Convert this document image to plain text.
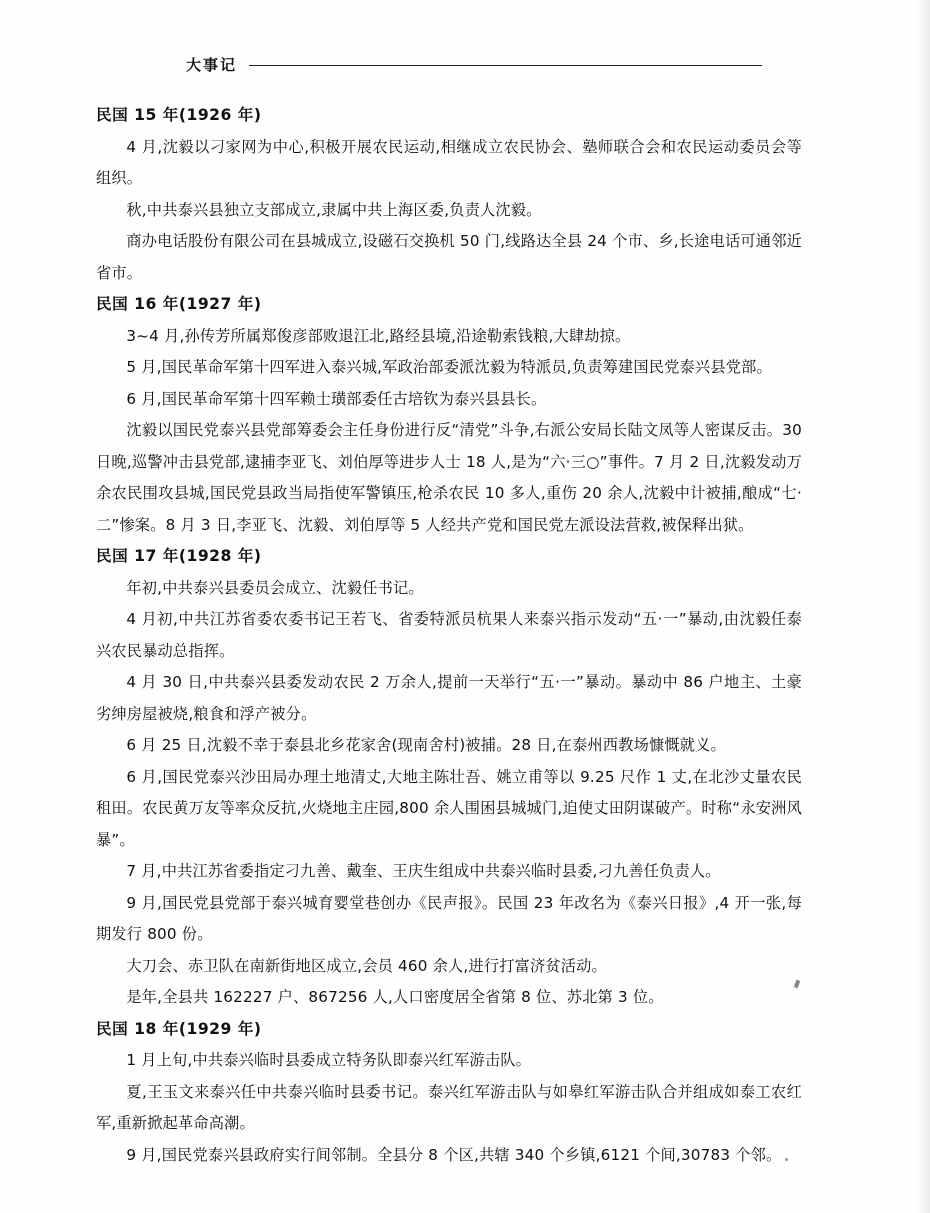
大事记

民国 15 年(1926 年)

4 月,沈毅以刁家网为中心,积极开展农民运动,相继成立农民协会、塾师联合会和农民运动委员会等组织。

秋,中共泰兴县独立支部成立,隶属中共上海区委,负责人沈毅。

商办电话股份有限公司在县城成立,设磁石交换机 50 门,线路达全县 24 个市、乡,长途电话可通邻近省市。

民国 16 年(1927 年)

3~4 月,孙传芳所属郑俊彦部败退江北,路经县境,沿途勒索钱粮,大肆劫掠。

5 月,国民革命军第十四军进入泰兴城,军政治部委派沈毅为特派员,负责筹建国民党泰兴县党部。

6 月,国民革命军第十四军赖士璜部委任古培钦为泰兴县县长。

沈毅以国民党泰兴县党部筹委会主任身份进行反“清党”斗争,右派公安局长陆文凤等人密谋反击。30 日晚,巡警冲击县党部,逮捕李亚飞、刘伯厚等进步人士 18 人,是为“六·三○”事件。7 月 2 日,沈毅发动万余农民围攻县城,国民党县政当局指使军警镇压,枪杀农民 10 多人,重伤 20 余人,沈毅中计被捕,酿成“七·二”惨案。8 月 3 日,李亚飞、沈毅、刘伯厚等 5 人经共产党和国民党左派设法营救,被保释出狱。

民国 17 年(1928 年)

年初,中共泰兴县委员会成立、沈毅任书记。

4 月初,中共江苏省委农委书记王若飞、省委特派员杭果人来泰兴指示发动“五·一”暴动,由沈毅任泰兴农民暴动总指挥。

4 月 30 日,中共泰兴县委发动农民 2 万余人,提前一天举行“五·一”暴动。暴动中 86 户地主、土豪劣绅房屋被烧,粮食和浮产被分。

6 月 25 日,沈毅不幸于泰县北乡花家舍(现南舍村)被捕。28 日,在泰州西教场慷慨就义。

6 月,国民党泰兴沙田局办理土地清丈,大地主陈壮吾、姚立甫等以 9.25 尺作 1 丈,在北沙丈量农民租田。农民黄万友等率众反抗,火烧地主庄园,800 余人围困县城城门,迫使丈田阴谋破产。时称“永安洲风暴”。

7 月,中共江苏省委指定刁九善、戴奎、王庆生组成中共泰兴临时县委,刁九善任负责人。

9 月,国民党县党部于泰兴城育婴堂巷创办《民声报》。民国 23 年改名为《泰兴日报》,4 开一张,每期发行 800 份。

大刀会、赤卫队在南新街地区成立,会员 460 余人,进行打富济贫活动。

是年,全县共 162227 户、867256 人,人口密度居全省第 8 位、苏北第 3 位。

民国 18 年(1929 年)

1 月上旬,中共泰兴临时县委成立特务队即泰兴红军游击队。

夏,王玉文来泰兴任中共泰兴临时县委书记。泰兴红军游击队与如皋红军游击队合并组成如泰工农红军,重新掀起革命高潮。

9 月,国民党泰兴县政府实行间邻制。全县分 8 个区,共辖 340 个乡镇,6121 个间,30783 个邻。
